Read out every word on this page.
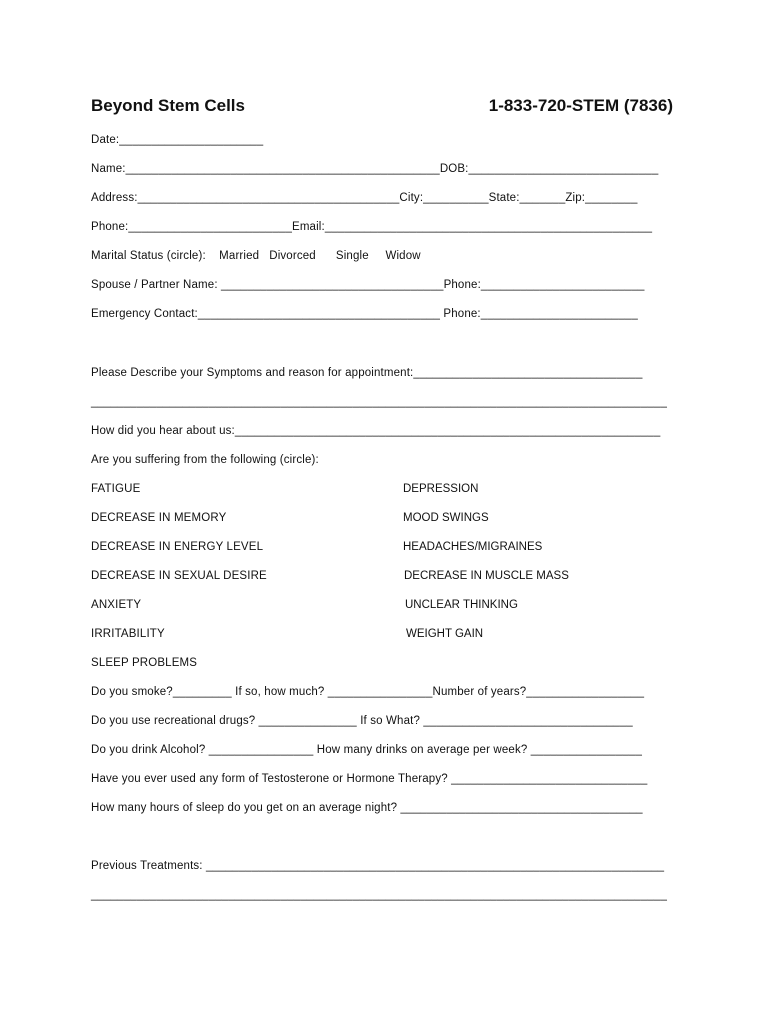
Beyond Stem Cells	1-833-720-STEM (7836)
Date:______________________
Name:________________________________________________DOB:_____________________________
Address:________________________________________City:__________State:_______Zip:________
Phone:_________________________Email:__________________________________________________
Marital Status (circle):    Married   Divorced      Single     Widow
Spouse / Partner Name: __________________________________Phone:_________________________
Emergency Contact:_____________________________________ Phone:________________________
Please Describe your Symptoms and reason for appointment:___________________________________
________________________________________________________________________________________
How did you hear about us:_________________________________________________________________
Are you suffering from the following (circle):
FATIGUE
DECREASE IN MEMORY
DECREASE IN ENERGY LEVEL
DECREASE IN SEXUAL DESIRE
ANXIETY
IRRITABILITY
SLEEP PROBLEMS
DEPRESSION
MOOD SWINGS
HEADACHES/MIGRAINES
DECREASE IN MUSCLE MASS
UNCLEAR THINKING
WEIGHT GAIN
Do you smoke?_________ If so, how much? ________________Number of years?__________________
Do you use recreational drugs? _______________ If so What? ________________________________
Do you drink Alcohol? ________________ How many drinks on average per week? _________________
Have you ever used any form of Testosterone or Hormone Therapy? ______________________________
How many hours of sleep do you get on an average night? _____________________________________
Previous Treatments: ______________________________________________________________________
________________________________________________________________________________________
